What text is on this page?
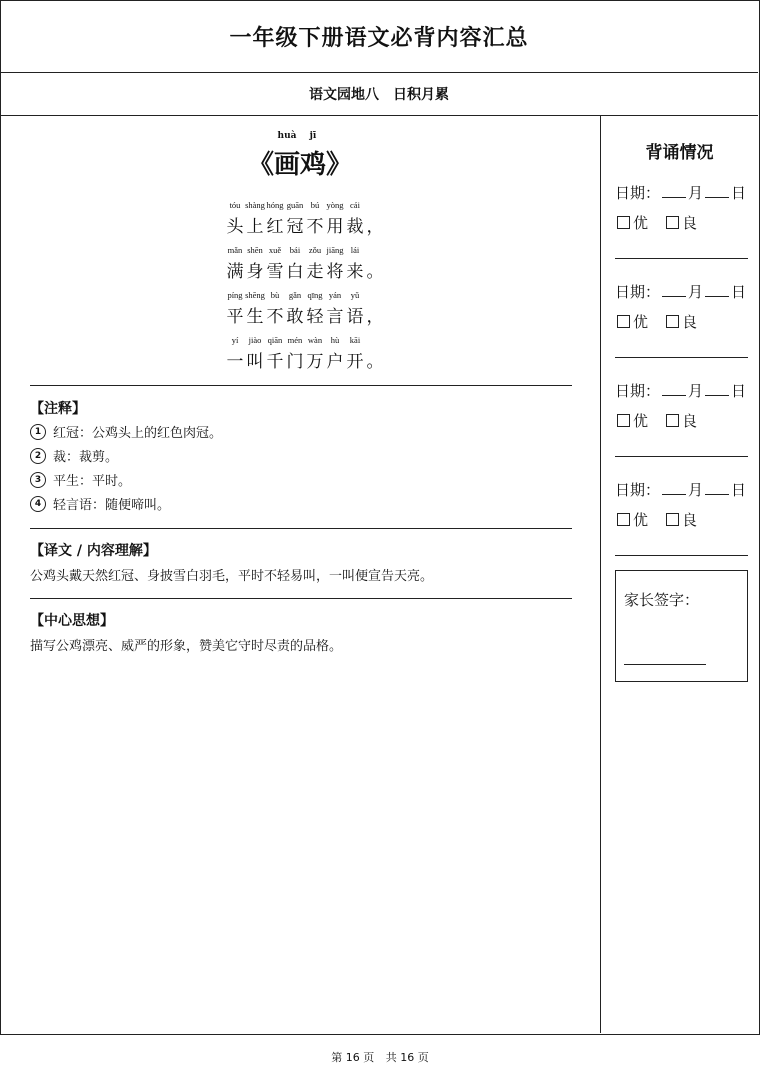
一年级下册语文必背内容汇总
语文园地八 日积月累
《
huà
画
jī
鸡》
tóu shàng hóng guān bú yòng cái
头 上 红 冠 不 用 裁 ，
mǎn shēn xuě	bái	zǒu jiāng lái
满 身 雪 白 走 将 来 。
píng shēng bù	gǎn qīng yán	yǔ
平 生 不 敢 轻 言 语 ，
yí	jiào qiān mén wàn	hù	kāi
一 叫 千 门 万 户 开 。
【注释】
1 红冠：公鸡头上的红色肉冠。
2 裁：裁剪。
3 平生：平时。
4 轻言语：随便啼叫。
【译文 / 内容理解】
公鸡头戴天然红冠、身披雪白羽毛，平时不轻易叫，一叫便宣告天亮。
【中心思想】
描写公鸡漂亮、威严的形象，赞美它守时尽责的品格。
背诵情况
家长签字：
日期： 月 日
优 良
日期： 月 日
优 良
日期： 月 日
优 良
日期： 月 日
优 良
第 16 页 共 16 页
